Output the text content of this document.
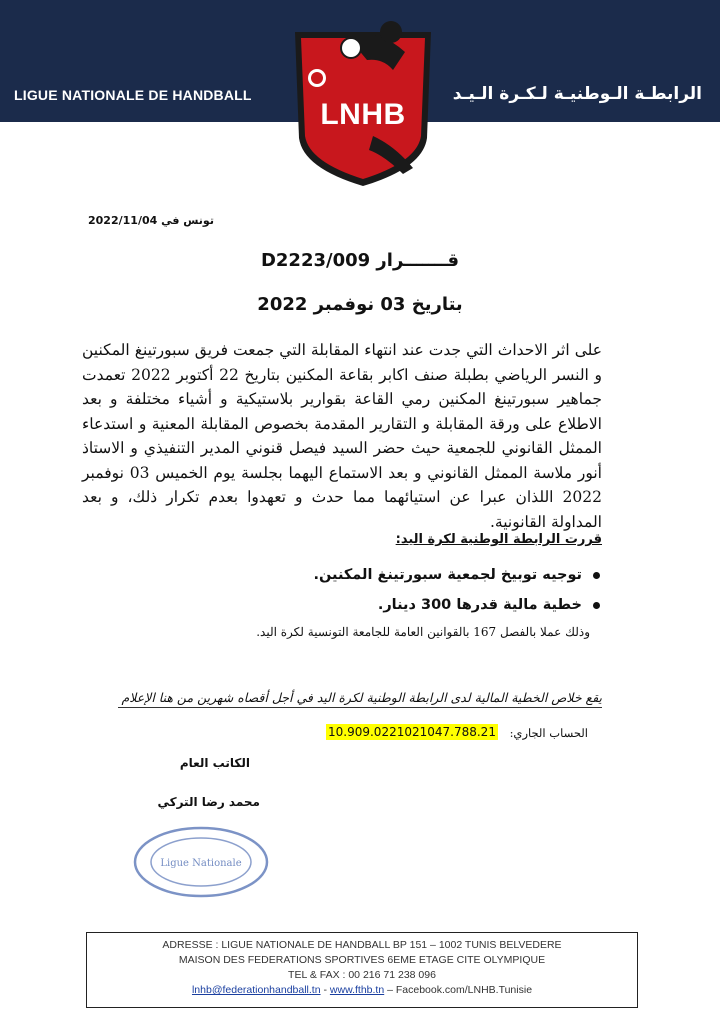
LIGUE NATIONALE DE HANDBALL	الرابطـة الـوطنيـة لـكـرة الـيـد
LNHB
تونس في 2022/11/04
قـــــــرار D2223/009
بتاريخ 03 نوفمبر 2022
على اثر الاحداث التي جدت عند انتهاء المقابلة التي جمعت فريق سبورتينغ المكنين و النسر الرياضي بطبلة صنف اكابر بقاعة المكنين بتاريخ 22 أكتوبر 2022 تعمدت جماهير سبورتينغ المكنين رمي القاعة بقوارير بلاستيكية و أشياء مختلفة و بعد الاطلاع على ورقة المقابلة و التقارير المقدمة بخصوص المقابلة المعنية و استدعاء الممثل القانوني للجمعية حيث حضر السيد فيصل قنوني المدير التنفيذي و الاستاذ أنور ملاسة الممثل القانوني و بعد الاستماع اليهما بجلسة يوم الخميس 03 نوفمبر 2022 اللذان عبرا عن استيائهما مما حدث و تعهدوا بعدم تكرار ذلك، و بعد المداولة القانونية.
قررت الرابطة الوطنية لكرة اليد:
توجيه توبيخ لجمعية سبورتينغ المكنين.
خطية مالية قدرها 300 دينار.
وذلك عملا بالفصل 167 بالقوانين العامة للجامعة التونسية لكرة اليد.
يقع خلاص الخطية المالية لدى الرابطة الوطنية لكرة اليد في أجل أقصاه شهرين من هنا الإعلام
الحساب الجاري:
10.909.0221021047.788.21
الكاتب العام
محمد رضا التركي
Ligue Nationale
ADRESSE : LIGUE NATIONALE DE HANDBALL BP 151 – 1002 TUNIS BELVEDERE
MAISON DES FEDERATIONS SPORTIVES 6EME ETAGE CITE OLYMPIQUE
TEL & FAX : 00 216 71 238 096
lnhb@federationhandball.tn - www.fthb.tn – Facebook.com/LNHB.Tunisie
